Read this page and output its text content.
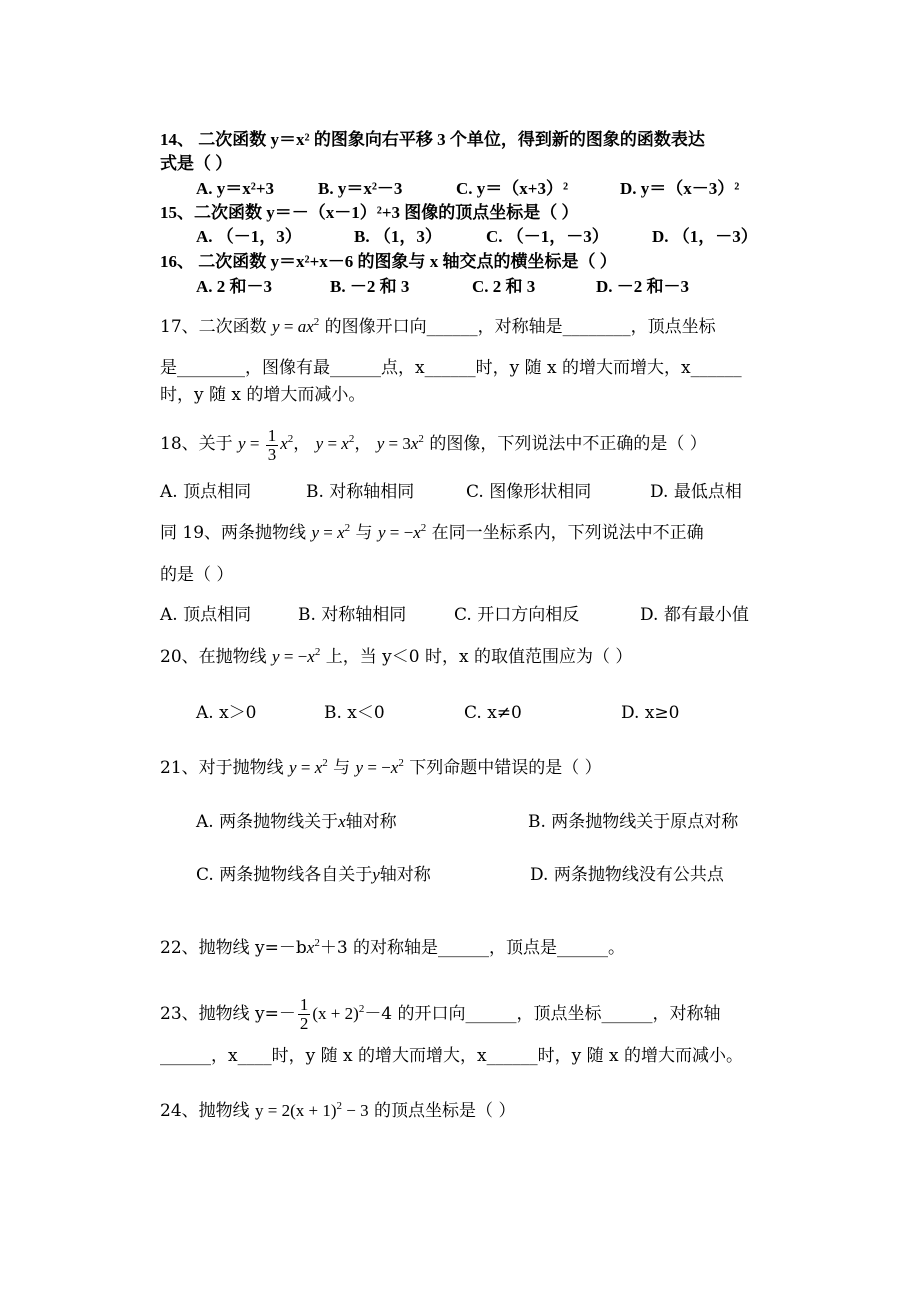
14、 二次函数 y＝x² 的图象向右平移 3 个单位，得到新的图象的函数表达
式是（ ）
A. y＝x²+3	B. y＝x²－3	C. y＝（x+3）²	D. y＝（x－3）²
15、二次函数 y＝－（x－1）²+3 图像的顶点坐标是（ ）
A. （－1，3）	B. （1，3）	C. （－1，－3）	D. （1，－3）
16、 二次函数 y＝x²+x－6 的图象与 x 轴交点的横坐标是（ ）
A. 2 和－3	B. －2 和 3	C. 2 和 3	D. －2 和－3
17、二次函数 $y = ax^2$ 的图像开口向______，对称轴是________，顶点坐标
是________，图像有最______点，x______时，y 随 x 的增大而增大，x______
时，y 随 x 的增大而减小。
18、关于 $y = \frac{1}{3} x^2$， $y = x^2$， $y = 3x^2$ 的图像，下列说法中不正确的是（ ）
A. 顶点相同	B. 对称轴相同	C. 图像形状相同	D. 最低点相
同 19、两条抛物线 $y = x^2$ 与 $y = -x^2$ 在同一坐标系内，下列说法中不正确
的是（ ）
A. 顶点相同	B. 对称轴相同	C. 开口方向相反	D. 都有最小值
20、在抛物线 $y = -x^2$ 上，当 y＜0 时，x 的取值范围应为（ ）
A. x＞0	B. x＜0	C. x≠0	D. x≥0
21、对于抛物线 $y = x^2$ 与 $y = -x^2$ 下列命题中错误的是（ ）
A. 两条抛物线关于x轴对称	B. 两条抛物线关于原点对称
C. 两条抛物线各自关于y轴对称	D. 两条抛物线没有公共点
22、抛物线 $y=-bx^2+3$ 的对称轴是______，顶点是______。
23、抛物线 $y=- \frac{1}{2} (x + 2)^2-4$ 的开口向______，顶点坐标______，对称轴
______，x____时，y 随 x 的增大而增大，x______时，y 随 x 的增大而减小。
24、抛物线 $y = 2(x + 1)^2 - 3$ 的顶点坐标是（ ）
